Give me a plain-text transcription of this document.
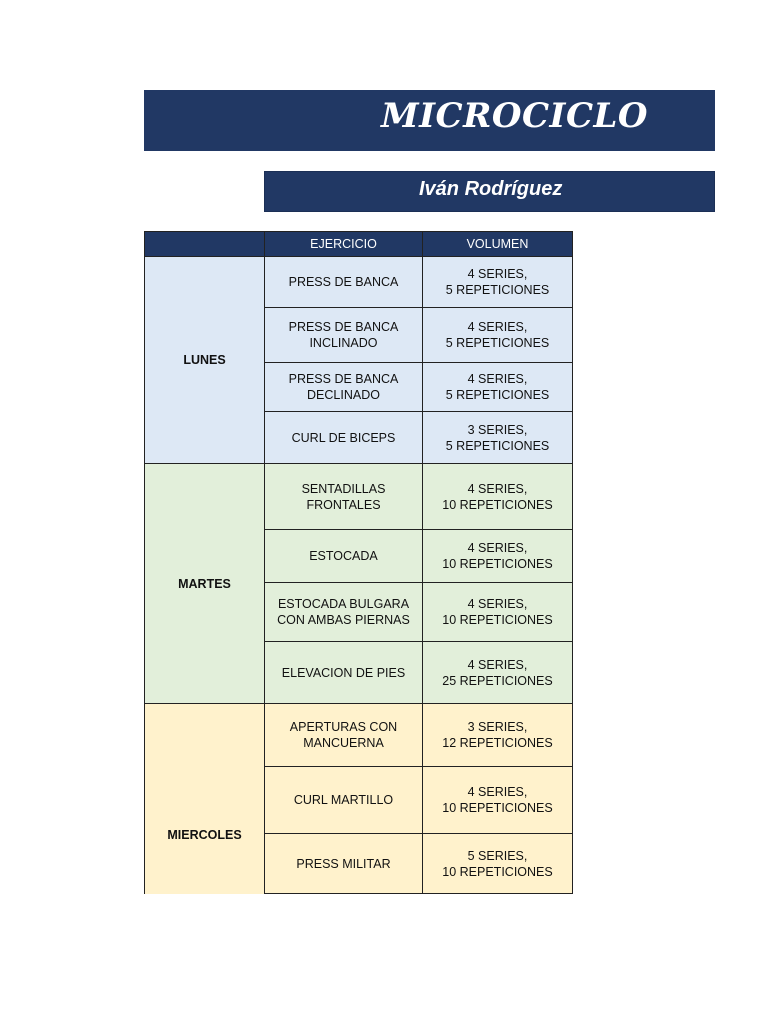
MICROCICLO
Iván Rodríguez
	EJERCICIO	VOLUMEN
LUNES	PRESS DE BANCA	4 SERIES,
5 REPETICIONES
	PRESS DE BANCA
INCLINADO	4 SERIES,
5 REPETICIONES
	PRESS DE BANCA
DECLINADO	4 SERIES,
5 REPETICIONES
	CURL DE BICEPS	3 SERIES,
5 REPETICIONES
MARTES	SENTADILLAS FRONTALES	4 SERIES,
10 REPETICIONES
	ESTOCADA	4 SERIES,
10 REPETICIONES
	ESTOCADA BULGARA
CON AMBAS PIERNAS	4 SERIES,
10 REPETICIONES
	ELEVACION DE PIES	4 SERIES,
25 REPETICIONES
MIERCOLES	APERTURAS CON
MANCUERNA	3 SERIES,
12 REPETICIONES
	CURL MARTILLO	4 SERIES,
10 REPETICIONES
	PRESS MILITAR	5 SERIES,
10 REPETICIONES
